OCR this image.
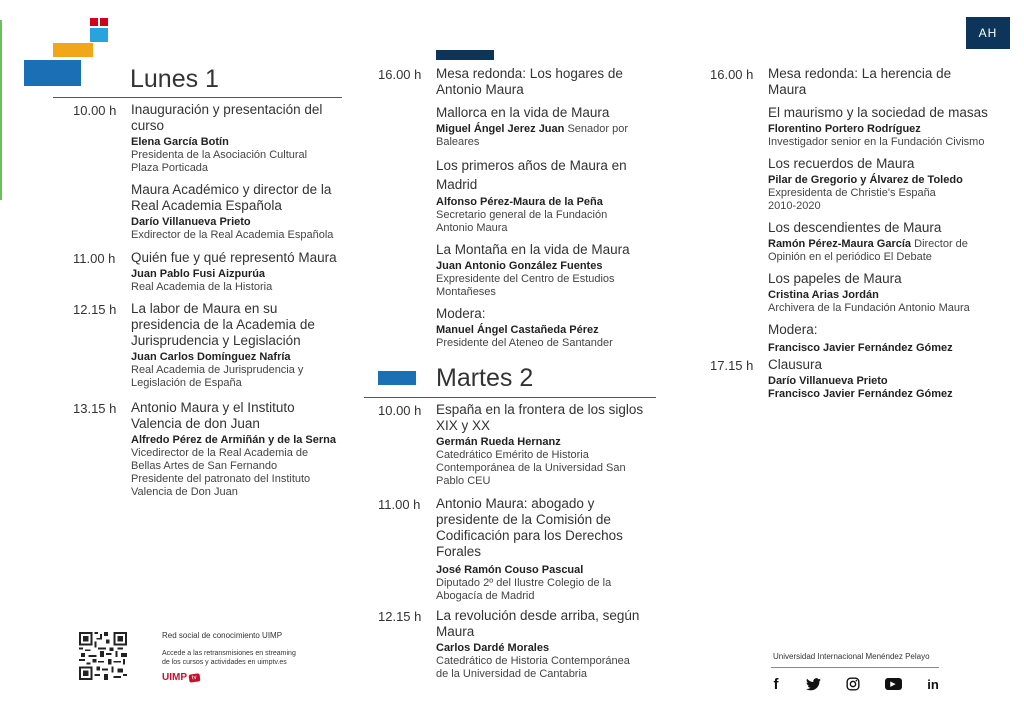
AH
Lunes 1
10.00 h Inauguración y presentación del curso

Elena García Botín

Presidenta de la Asociación Cultural

Plaza Porticada

Maura Académico y director de la Real Academia Española

Darío Villanueva Prieto

Exdirector de la Real Academia Española

11.00 h Quién fue y qué representó Maura

Juan Pablo Fusi Aizpurúa

Real Academia de la Historia

12.15 h La labor de Maura en su presidencia de la Academia de Jurisprudencia y Legislación

Juan Carlos Domínguez Nafría

Real Academia de Jurisprudencia y

Legislación de España

13.15 h Antonio Maura y el Instituto Valencia de don Juan

Alfredo Pérez de Armiñán y de la Serna

Vicedirector de la Real Academia de

Bellas Artes de San Fernando

Presidente del patronato del Instituto

Valencia de Don Juan

16.00 h Mesa redonda: Los hogares de Antonio Maura

Mallorca en la vida de Maura

Miguel Ángel Jerez Juan Senador por

Baleares

Los primeros años de Maura en Madrid

Alfonso Pérez-Maura de la Peña

Secretario general de la Fundación

Antonio Maura

La Montaña en la vida de Maura

Juan Antonio González Fuentes

Expresidente del Centro de Estudios

Montañeses

Modera:

Manuel Ángel Castañeda Pérez

Presidente del Ateneo de Santander

Martes 2
10.00 h España en la frontera de los siglos XIX y XX

Germán Rueda Hernanz

Catedrático Emérito de Historia

Contemporánea de la Universidad San

Pablo CEU

11.00 h Antonio Maura: abogado y presidente de la Comisión de Codificación para los Derechos Forales

José Ramón Couso Pascual

Diputado 2º del Ilustre Colegio de la

Abogacía de Madrid

12.15 h La revolución desde arriba, según Maura

Carlos Dardé Morales

Catedrático de Historia Contemporánea

de la Universidad de Cantabria

16.00 h Mesa redonda: La herencia de Maura

El maurismo y la sociedad de masas

Florentino Portero Rodríguez

Investigador senior en la Fundación Civismo

Los recuerdos de Maura

Pilar de Gregorio y Álvarez de Toledo

Expresidenta de Christie's España

2010-2020

Los descendientes de Maura

Ramón Pérez-Maura García Director de

Opinión en el periódico El Debate

Los papeles de Maura

Cristina Arias Jordán

Archivera de la Fundación Antonio Maura

Modera:

Francisco Javier Fernández Gómez

17.15 h Clausura

Darío Villanueva Prieto

Francisco Javier Fernández Gómez

Red social de conocimiento UIMP
Accede a las retransmisiones en streaming
de los cursos y actividades en uimptv.es
UIMP tv
Universidad Internacional Menéndez Pelayo
f	▶	in
